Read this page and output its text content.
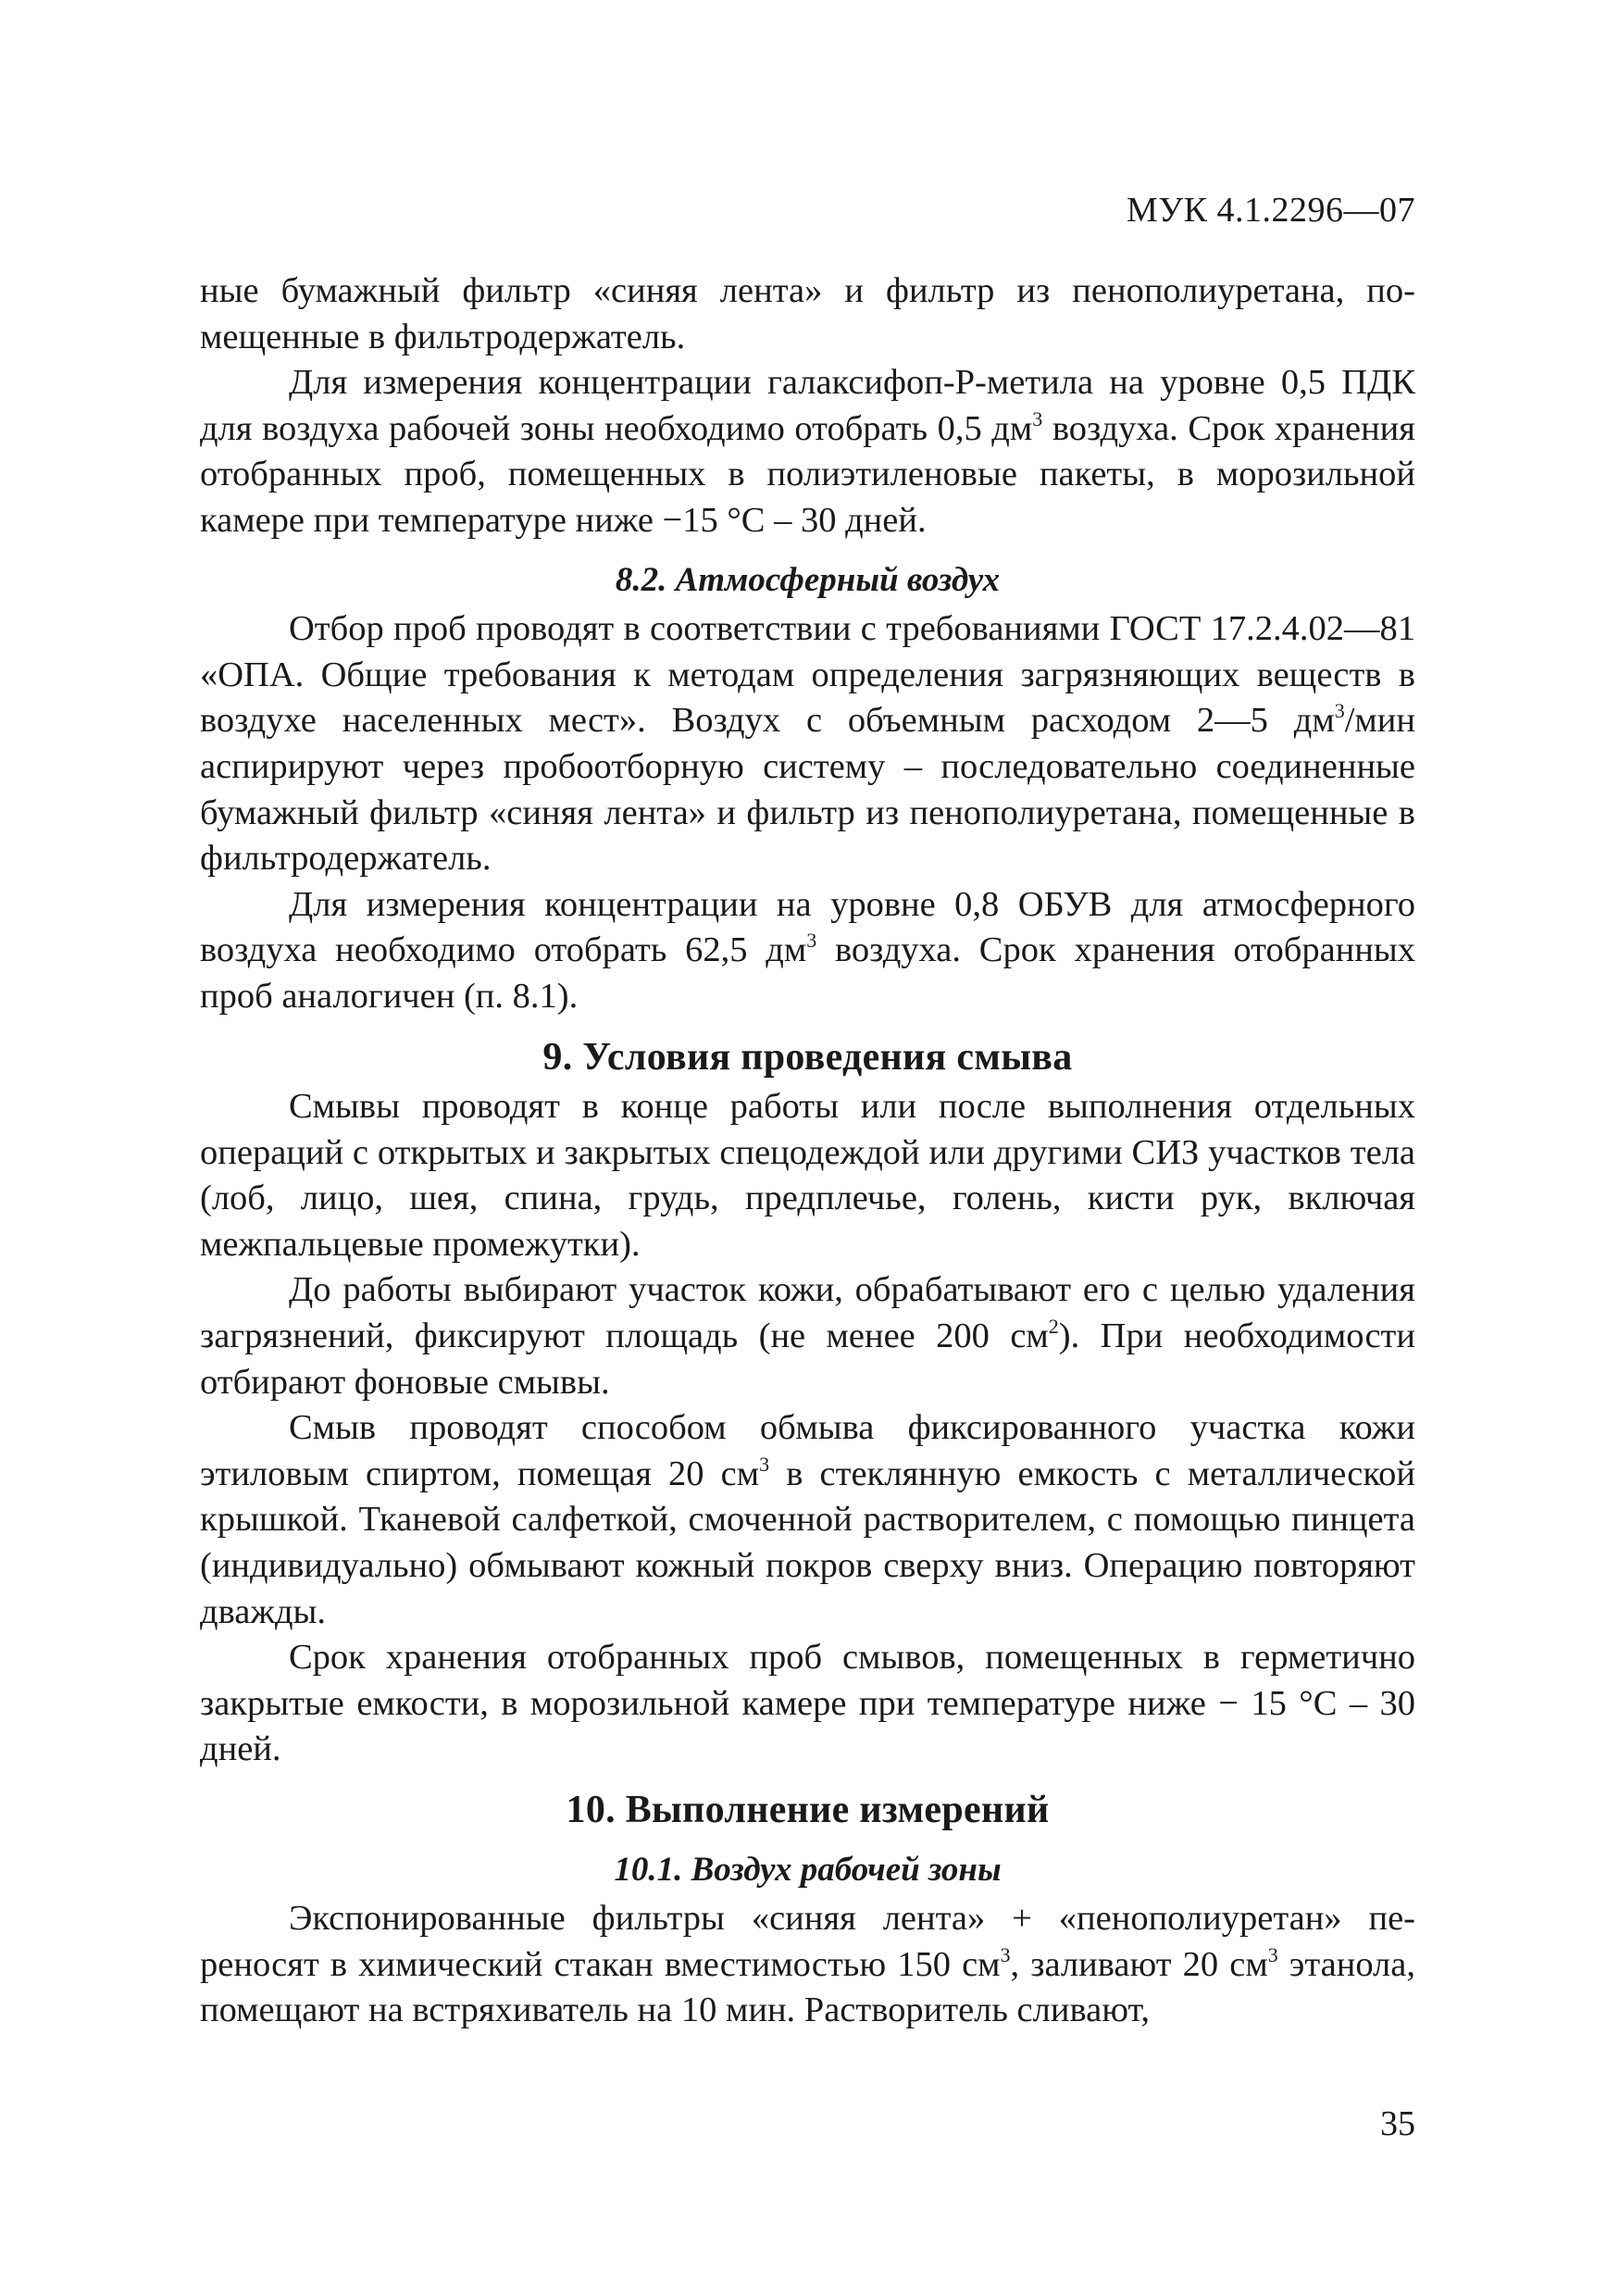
МУК 4.1.2296—07

ные бумажный фильтр «синяя лента» и фильтр из пенополиуретана, помещенные в фильтродержатель.

Для измерения концентрации галаксифоп-Р-метила на уровне 0,5 ПДК для воздуха рабочей зоны необходимо отобрать 0,5 $дм^3$ воздуха. Срок хранения отобранных проб, помещенных в полиэтиленовые пакеты, в морозильной камере при температуре ниже −15 °С – 30 дней.

8.2. Атмосферный воздух

Отбор проб проводят в соответствии с требованиями ГОСТ 17.2.4.02—81 «ОПА. Общие требования к методам определения загрязняющих веществ в воздухе населенных мест». Воздух с объемным расходом 2—5 $дм^3$/мин аспирируют через пробоотборную систему – последовательно соединенные бумажный фильтр «синяя лента» и фильтр из пенополиуретана, помещенные в фильтродержатель.

Для измерения концентрации на уровне 0,8 ОБУВ для атмосферного воздуха необходимо отобрать 62,5 $дм^3$ воздуха. Срок хранения отобранных проб аналогичен (п. 8.1).

9. Условия проведения смыва

Смывы проводят в конце работы или после выполнения отдельных операций с открытых и закрытых спецодеждой или другими СИЗ участков тела (лоб, лицо, шея, спина, грудь, предплечье, голень, кисти рук, включая межпальцевые промежутки).

До работы выбирают участок кожи, обрабатывают его с целью удаления загрязнений, фиксируют площадь (не менее 200 $см^2$). При необходимости отбирают фоновые смывы.

Смыв проводят способом обмыва фиксированного участка кожи этиловым спиртом, помещая 20 $см^3$ в стеклянную емкость с металлической крышкой. Тканевой салфеткой, смоченной растворителем, с помощью пинцета (индивидуально) обмывают кожный покров сверху вниз. Операцию повторяют дважды.

Срок хранения отобранных проб смывов, помещенных в герметично закрытые емкости, в морозильной камере при температуре ниже − 15 °С – 30 дней.

10. Выполнение измерений
10.1. Воздух рабочей зоны

Экспонированные фильтры «синяя лента» + «пенополиуретан» переносят в химический стакан вместимостью 150 $см^3$, заливают 20 $см^3$ этанола, помещают на встряхиватель на 10 мин. Растворитель сливают,

35
